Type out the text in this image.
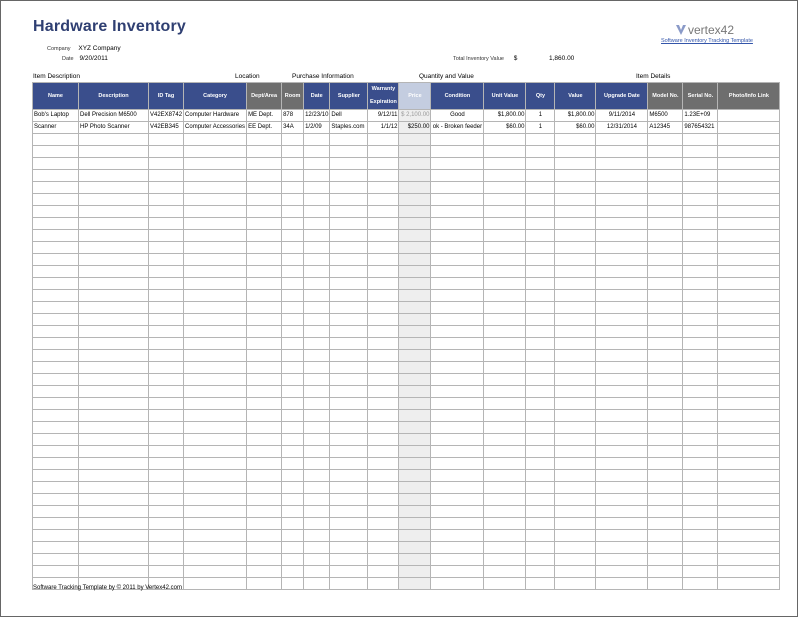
Hardware Inventory	vertex42
Software Inventory Tracking Template
Company XYZ Company
Date 9/20/2011	Total Inventory Value $	1,860.00
Item Description	Location	Purchase Information	Quantity and Value	Item Details
Name	Description	ID Tag	Category	Dept/Area	Room	Date	Supplier	Warranty Expiration	Price	Condition	Unit Value	Qty	Value	Upgrade Date	Model No.	Serial No.	Photo/Info Link
Bob's Laptop	Dell Precision M6500	V42EX8742	Computer Hardware	ME Dept.	878	12/23/10	Dell	9/12/11	$ 2,100.00	Good	$1,800.00	1	$1,800.00	9/11/2014	M6500	1.23E+09	
Scanner	HP Photo Scanner	V42EB345	Computer Accessories	EE Dept.	34A	1/2/09	Staples.com	1/1/12	$250.00	ok - Broken feeder	$60.00	1	$60.00	12/31/2014	A12345	987654321	

Software Tracking Template by © 2011 by Vertex42.com
